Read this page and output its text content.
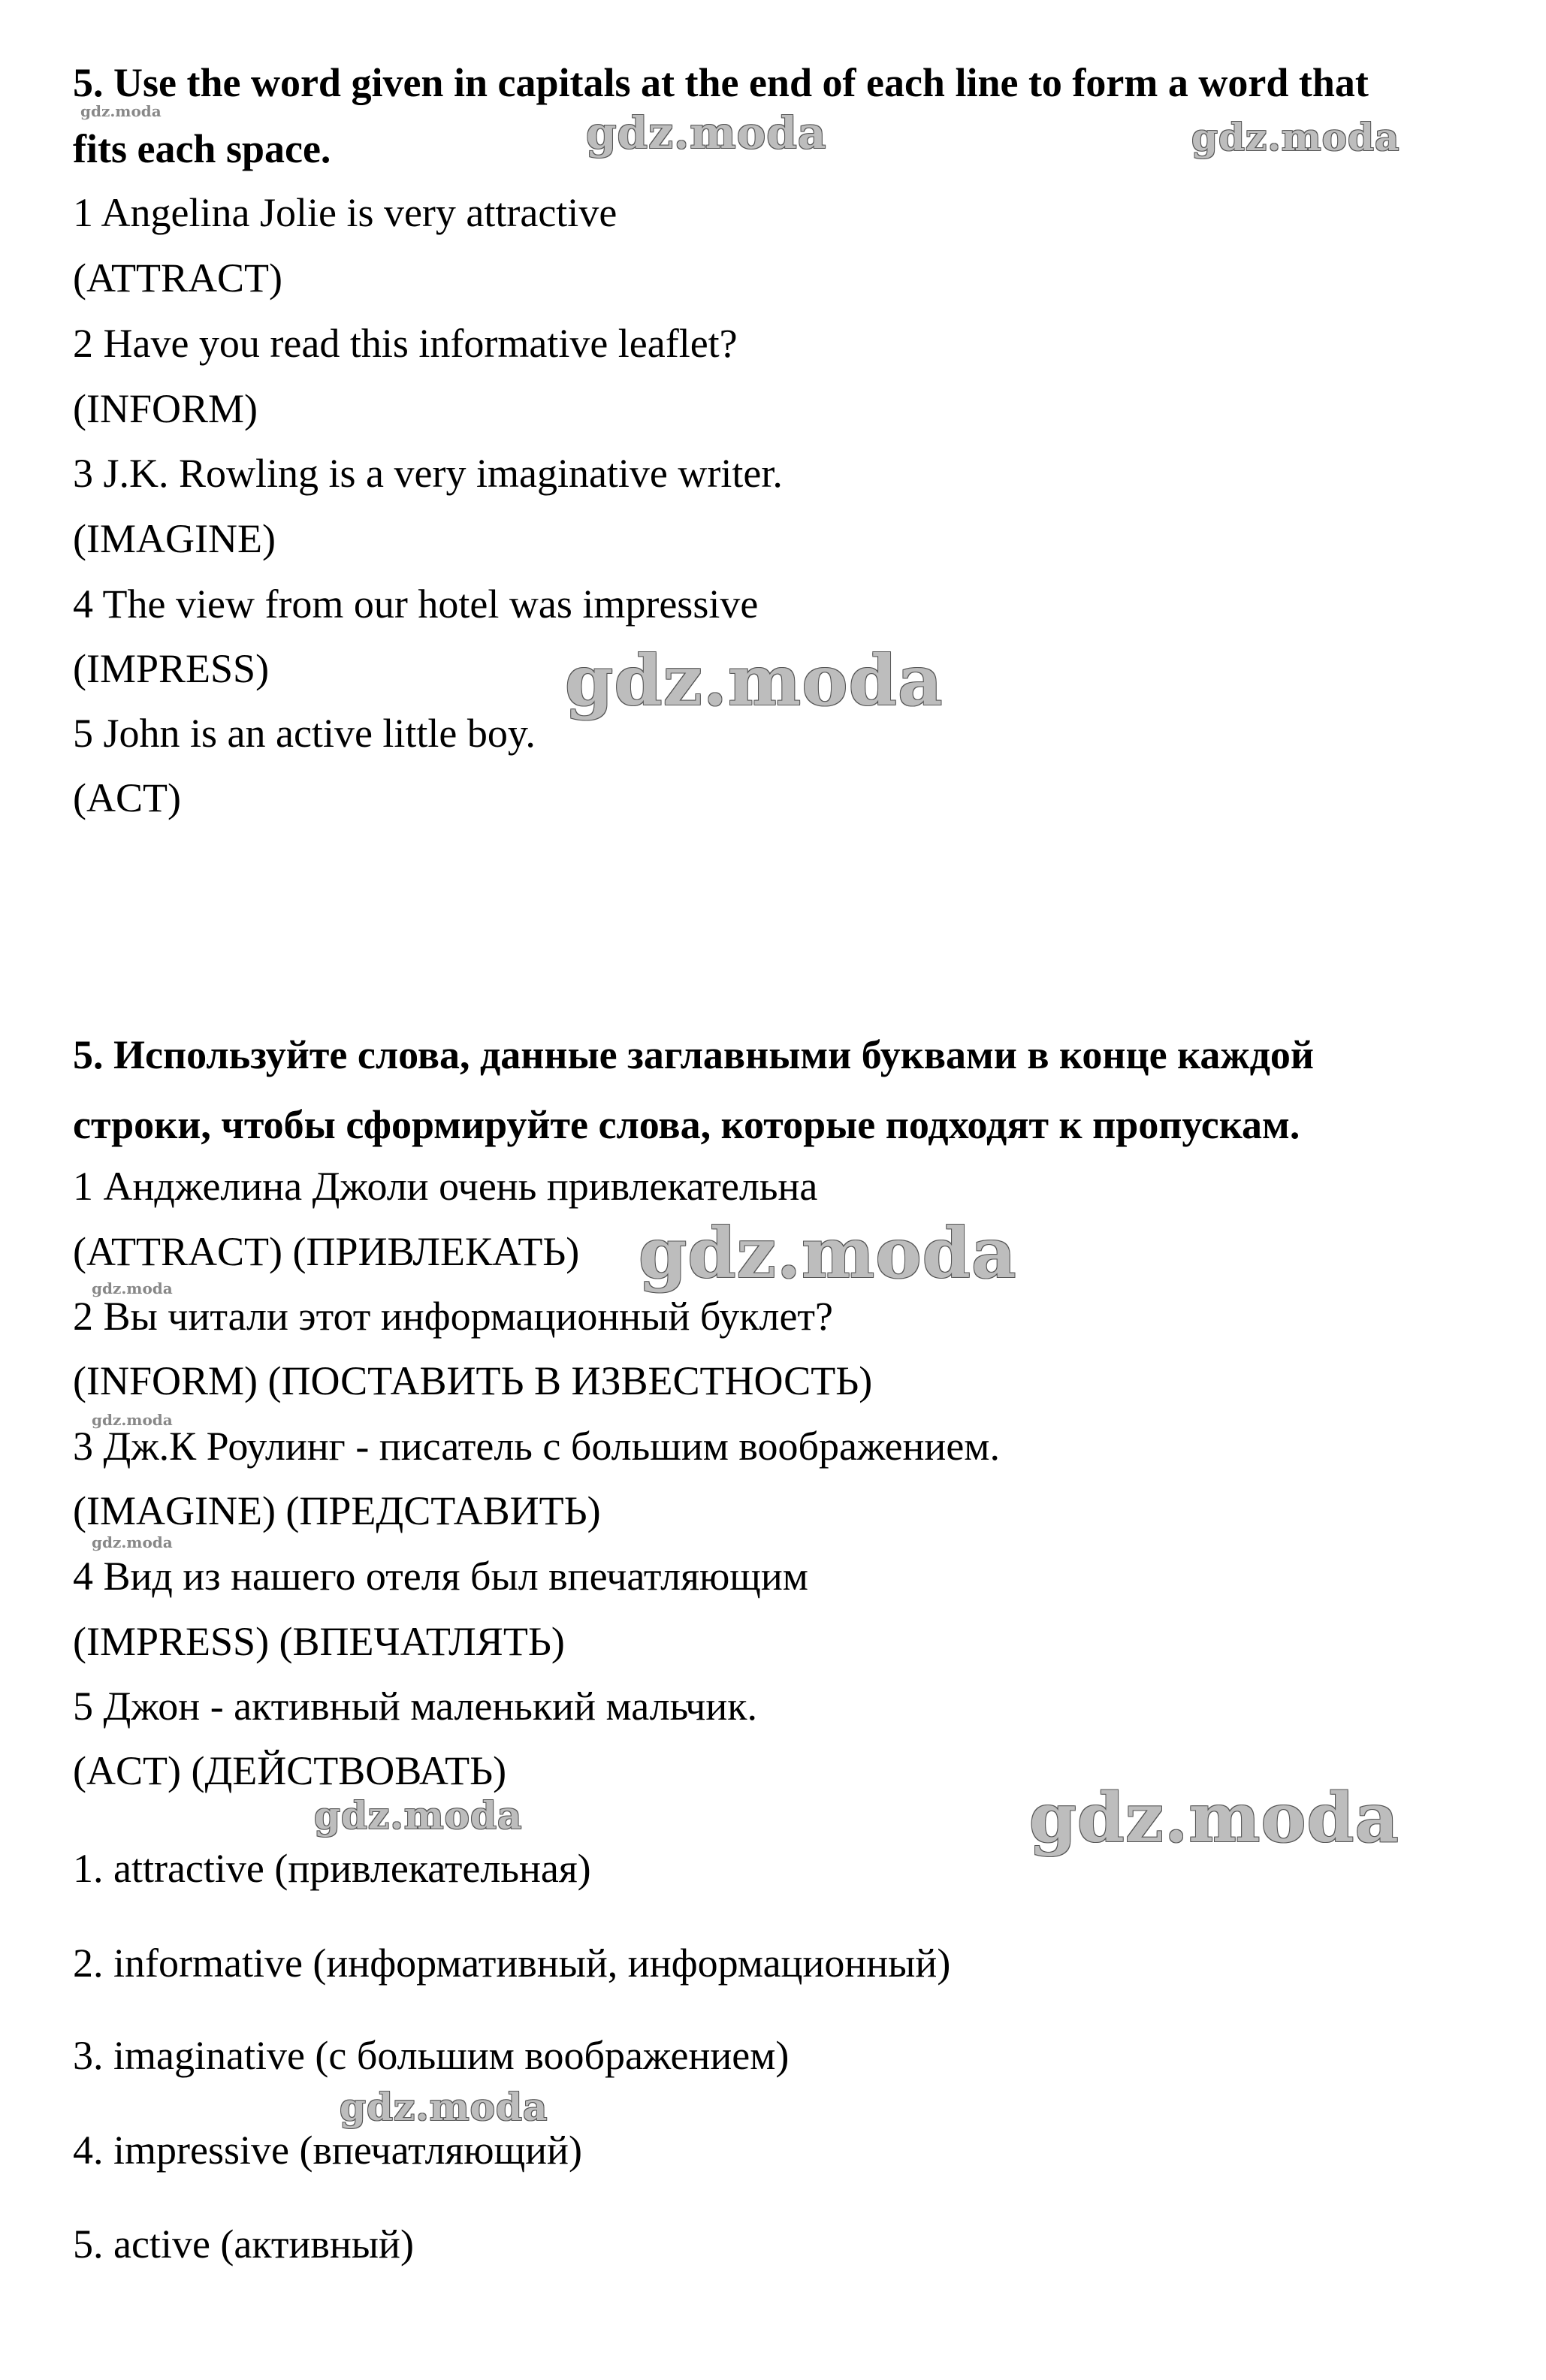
5. Use the word given in capitals at the end of each line to form a word that
fits each space.
1 Angelina Jolie is very attractive
(ATTRACT)
2 Have you read this informative leaflet?
(INFORM)
3 J.K. Rowling is a very imaginative writer.
(IMAGINE)
4 The view from our hotel was impressive
(IMPRESS)
5 John is an active little boy.
(ACT)
5. Используйте слова, данные заглавными буквами в конце каждой
строки, чтобы сформируйте слова, которые подходят к пропускам.
1 Анджелина Джоли очень привлекательна
(ATTRACT) (ПРИВЛЕКАТЬ)
2 Вы читали этот информационный буклет?
(INFORM) (ПОСТАВИТЬ В ИЗВЕСТНОСТЬ)
3 Дж.К Роулинг - писатель с большим воображением.
(IMAGINE) (ПРЕДСТАВИТЬ)
4 Вид из нашего отеля был впечатляющим
(IMPRESS) (ВПЕЧАТЛЯТЬ)
5 Джон - активный маленький мальчик.
(ACT) (ДЕЙСТВОВАТЬ)
1. attractive (привлекательная)
2. informative (информативный, информационный)
3. imaginative (с большим воображением)
4. impressive (впечатляющий)
5. active (активный)
gdz.moda	gdz.moda
gdz.moda
gdz.moda
gdz.moda
gdz.moda
gdz.moda
gdz.moda
gdz.moda	gdz.moda
gdz.moda
